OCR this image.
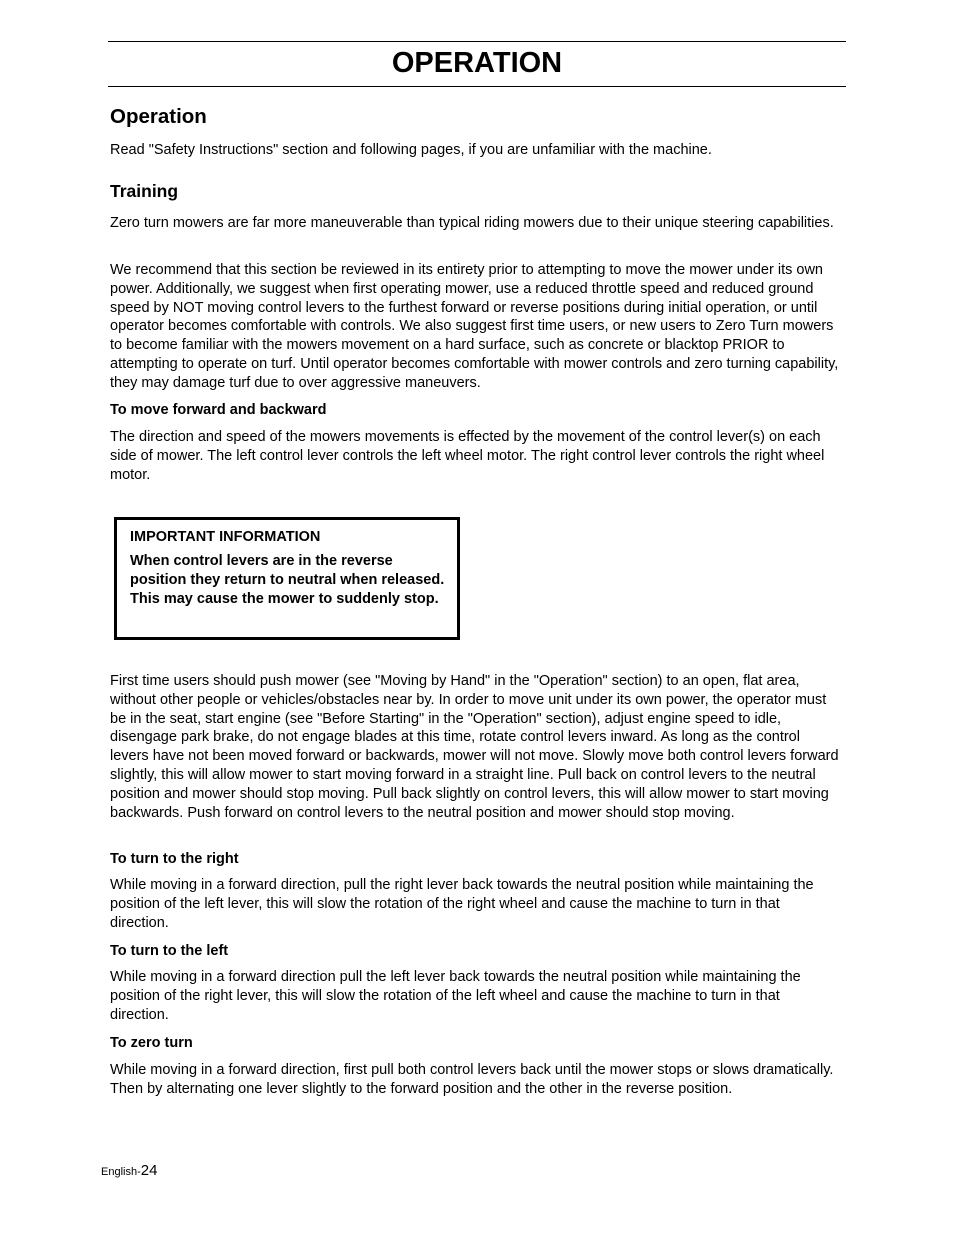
OPERATION
Operation
Read "Safety Instructions" section and following pages, if you are unfamiliar with the machine.
Training
Zero turn mowers are far more maneuverable than typical riding mowers due to their unique steering capabilities.
We recommend that this section be reviewed in its entirety prior to attempting to move the mower under its own power. Additionally, we suggest when first operating mower, use a reduced throttle speed and reduced ground speed by NOT moving control levers to the furthest forward or reverse positions during initial operation, or until operator becomes comfortable with controls. We also suggest first time users, or new users to Zero Turn mowers to become familiar with the mowers movement on a hard surface, such as concrete or blacktop PRIOR to attempting to operate on turf. Until operator becomes comfortable with mower controls and zero turning capability, they may damage turf due to over aggressive maneuvers.
To move forward and backward
The direction and speed of the mowers movements is effected by the movement of the control lever(s) on each side of mower. The left control lever controls the left wheel motor. The right control lever controls the right wheel motor.
IMPORTANT INFORMATION
When control levers are in the reverse position they return to neutral when released. This may cause the mower to suddenly stop.
First time users should push mower (see "Moving by Hand" in the "Operation" section) to an open, flat area, without other people or vehicles/obstacles near by. In order to move unit under its own power, the operator must be in the seat, start engine (see "Before Starting" in the "Operation" section), adjust engine speed to idle, disengage park brake, do not engage blades at this time, rotate control levers inward. As long as the control levers have not been moved forward or backwards, mower will not move. Slowly move both control levers forward slightly, this will allow mower to start moving forward in a straight line. Pull back on control levers to the neutral position and mower should stop moving. Pull back slightly on control levers, this will allow mower to start moving backwards. Push forward on control levers to the neutral position and mower should stop moving.
To turn to the right
While moving in a forward direction, pull the right lever back towards the neutral position while maintaining the position of the left lever, this will slow the rotation of the right wheel and cause the machine to turn in that direction.
To turn to the left
While moving in a forward direction pull the left lever back towards the neutral position while maintaining the position of the right lever, this will slow the rotation of the left wheel and cause the machine to turn in that direction.
To zero turn
While moving in a forward direction, first pull both control levers back until the mower stops or slows dramatically. Then by alternating one lever slightly to the forward position and the other in the reverse position.
English-24
